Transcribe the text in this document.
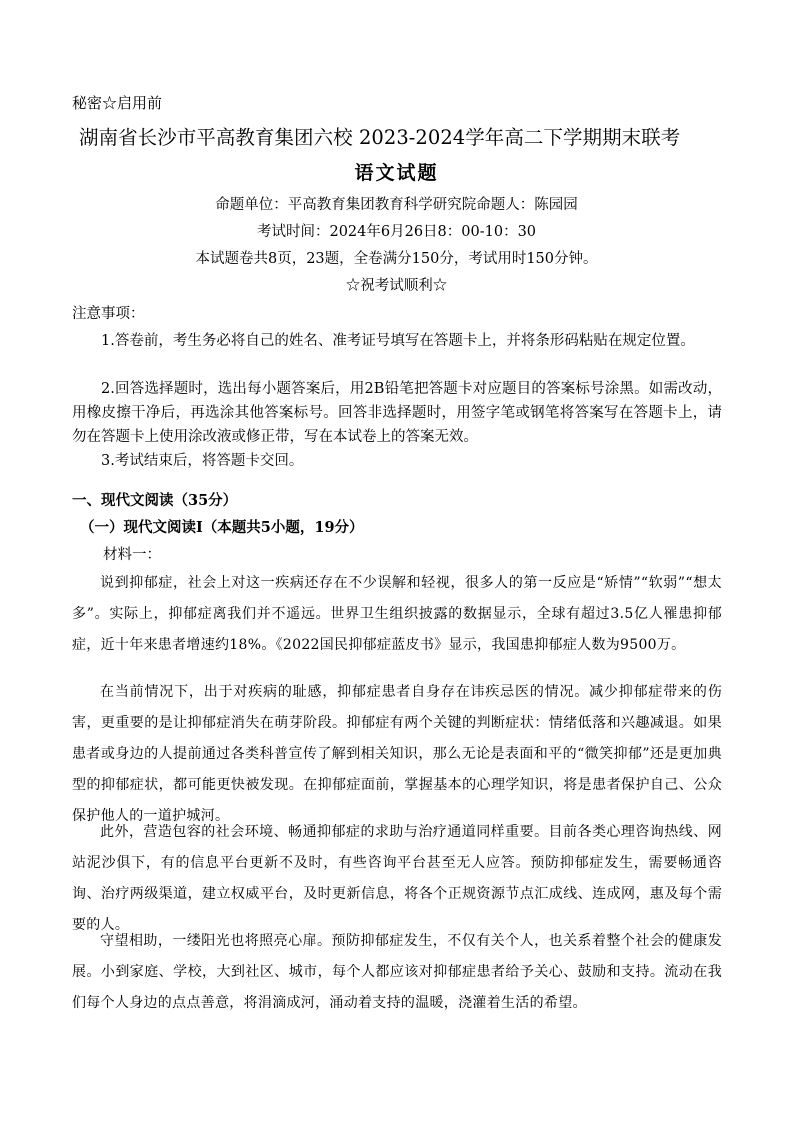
秘密☆启用前
湖南省长沙市平高教育集团六校 2023-2024学年高二下学期期末联考
语文试题
命题单位：平高教育集团教育科学研究院命题人：陈园园
考试时间：2024年6月26日8：00-10：30
本试题卷共8页，23题，全卷满分150分，考试用时150分钟。
☆祝考试顺利☆
注意事项：
1.答卷前，考生务必将自己的姓名、准考证号填写在答题卡上，并将条形码粘贴在规定位置。
2.回答选择题时，选出每小题答案后，用2B铅笔把答题卡对应题目的答案标号涂黑。如需改动，用橡皮擦干净后，再选涂其他答案标号。回答非选择题时，用签字笔或钢笔将答案写在答题卡上，请勿在答题卡上使用涂改液或修正带，写在本试卷上的答案无效。
3.考试结束后，将答题卡交回。
一、现代文阅读（35分）
（一）现代文阅读Ⅰ（本题共5小题，19分）
材料一：
说到抑郁症，社会上对这一疾病还存在不少误解和轻视，很多人的第一反应是“矫情”“软弱”“想太多”。实际上，抑郁症离我们并不遥远。世界卫生组织披露的数据显示，全球有超过3.5亿人罹患抑郁症，近十年来患者增速约18%。《2022国民抑郁症蓝皮书》显示，我国患抑郁症人数为9500万。
在当前情况下，出于对疾病的耻感，抑郁症患者自身存在讳疾忌医的情况。减少抑郁症带来的伤害，更重要的是让抑郁症消失在萌芽阶段。抑郁症有两个关键的判断症状：情绪低落和兴趣减退。如果患者或身边的人提前通过各类科普宣传了解到相关知识，那么无论是表面和平的“微笑抑郁”还是更加典型的抑郁症状，都可能更快被发现。在抑郁症面前，掌握基本的心理学知识，将是患者保护自己、公众保护他人的一道护城河。
此外，营造包容的社会环境、畅通抑郁症的求助与治疗通道同样重要。目前各类心理咨询热线、网站泥沙俱下，有的信息平台更新不及时，有些咨询平台甚至无人应答。预防抑郁症发生，需要畅通咨询、治疗两级渠道，建立权威平台，及时更新信息，将各个正规资源节点汇成线、连成网，惠及每个需要的人。
守望相助，一缕阳光也将照亮心扉。预防抑郁症发生，不仅有关个人，也关系着整个社会的健康发展。小到家庭、学校，大到社区、城市，每个人都应该对抑郁症患者给予关心、鼓励和支持。流动在我们每个人身边的点点善意，将涓滴成河，涌动着支持的温暖，浇灌着生活的希望。
